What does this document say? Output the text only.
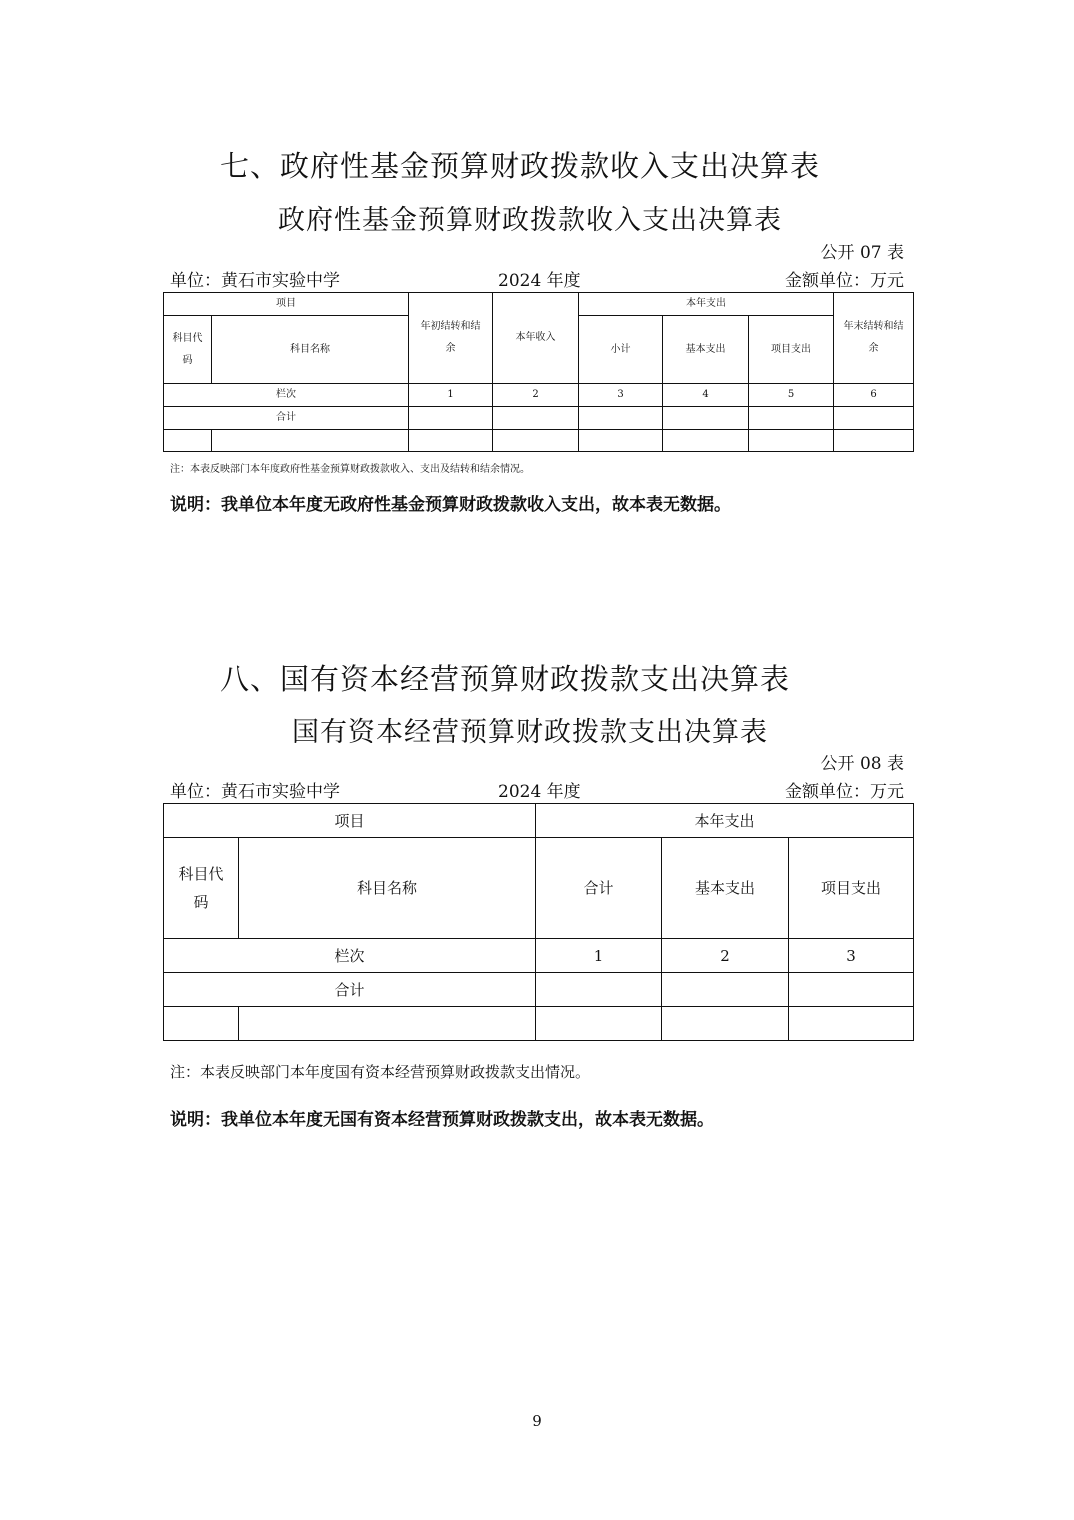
七、政府性基金预算财政拨款收入支出决算表
政府性基金预算财政拨款收入支出决算表
公开 07 表
单位：黄石市实验中学	2024 年度	金额单位：万元
项目		年初结转和结余	本年收入	本年支出			年末结转和结余
科目代码	科目名称			小计	基本支出	项目支出	
栏次		1	2	3	4	5	6
合计							

注：本表反映部门本年度政府性基金预算财政拨款收入、支出及结转和结余情况。
说明：我单位本年度无政府性基金预算财政拨款收入支出，故本表无数据。
八、国有资本经营预算财政拨款支出决算表
国有资本经营预算财政拨款支出决算表
公开 08 表
单位：黄石市实验中学	2024 年度	金额单位：万元
项目		本年支出		
科目代码	科目名称	合计	基本支出	项目支出
栏次		1	2	3
合计				

注：本表反映部门本年度国有资本经营预算财政拨款支出情况。
说明：我单位本年度无国有资本经营预算财政拨款支出，故本表无数据。
9
